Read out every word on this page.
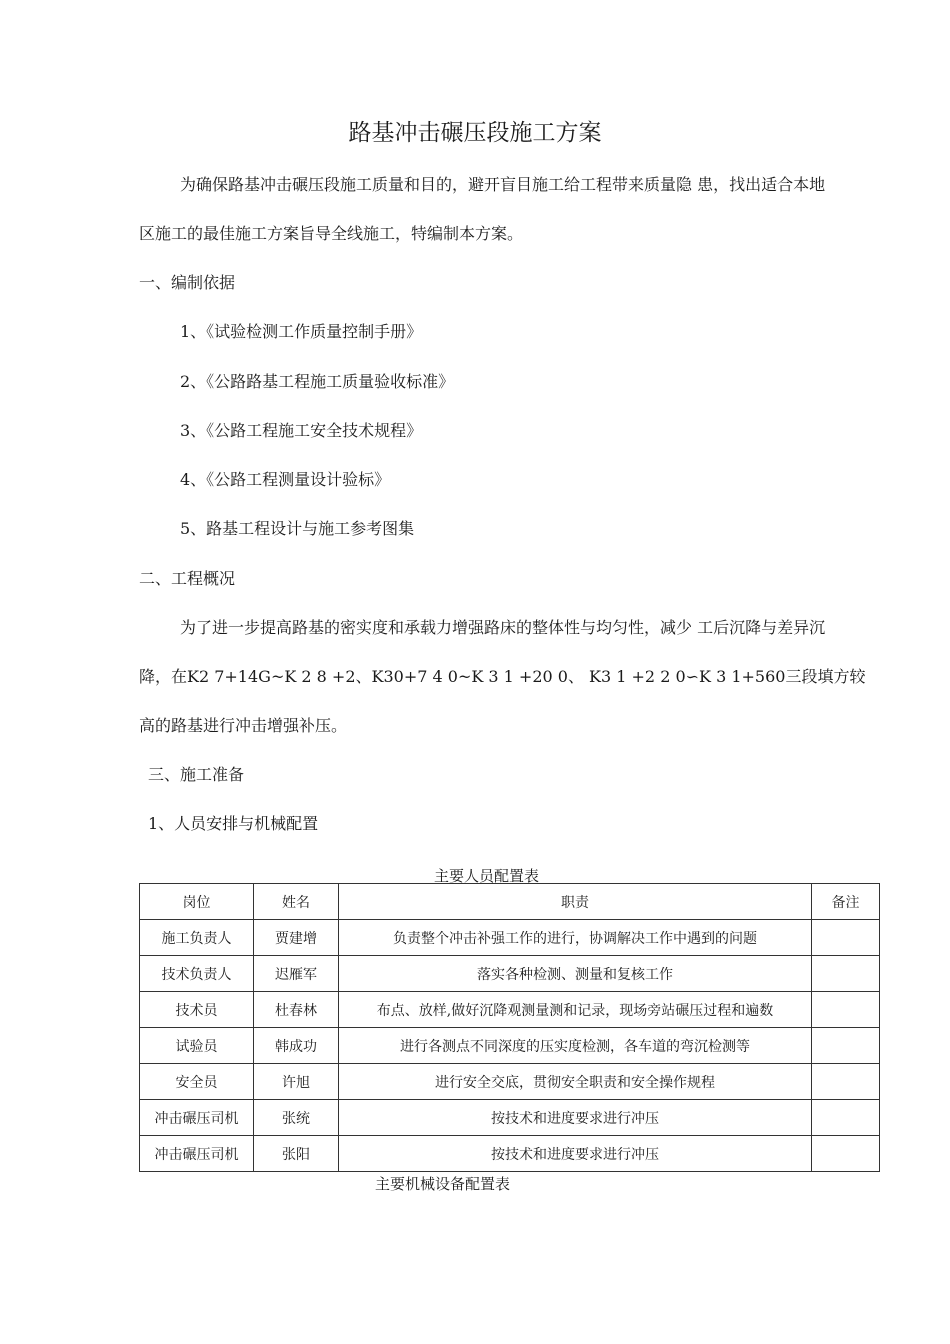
路基冲击碾压段施工方案
为确保路基冲击碾压段施工质量和目的，避开盲目施工给工程带来质量隐 患，找出适合本地
区施工的最佳施工方案旨导全线施工，特编制本方案。
一、编制依据
1、《试验检测工作质量控制手册》
2、《公路路基工程施工质量验收标准》
3、《公路工程施工安全技术规程》
4、《公路工程测量设计验标》
5、路基工程设计与施工参考图集
二、工程概况
为了进一步提高路基的密实度和承载力增强路床的整体性与均匀性，减少 工后沉降与差异沉
降，在K2 7+14G~K 2 8 +2、K30+7 4 0~K 3 1 +20 0、 K3 1 +2 2 0∽K 3 1+560三段填方较
高的路基进行冲击增强补压。
三、施工准备
1、人员安排与机械配置
主要人员配置表
岗位	姓名	职责	备注
施工负责人	贾建增	负责整个冲击补强工作的进行，协调解决工作中遇到的问题	
技术负责人	迟雁军	落实各种检测、测量和复核工作	
技术员	杜春林	布点、放样,做好沉降观测量测和记录，现场旁站碾压过程和遍数	
试验员	韩成功	进行各测点不同深度的压实度检测，各车道的弯沉检测等	
安全员	许旭	进行安全交底，贯彻安全职责和安全操作规程	
冲击碾压司机	张统	按技术和进度要求进行冲压	
冲击碾压司机	张阳	按技术和进度要求进行冲压	
主要机械设备配置表
